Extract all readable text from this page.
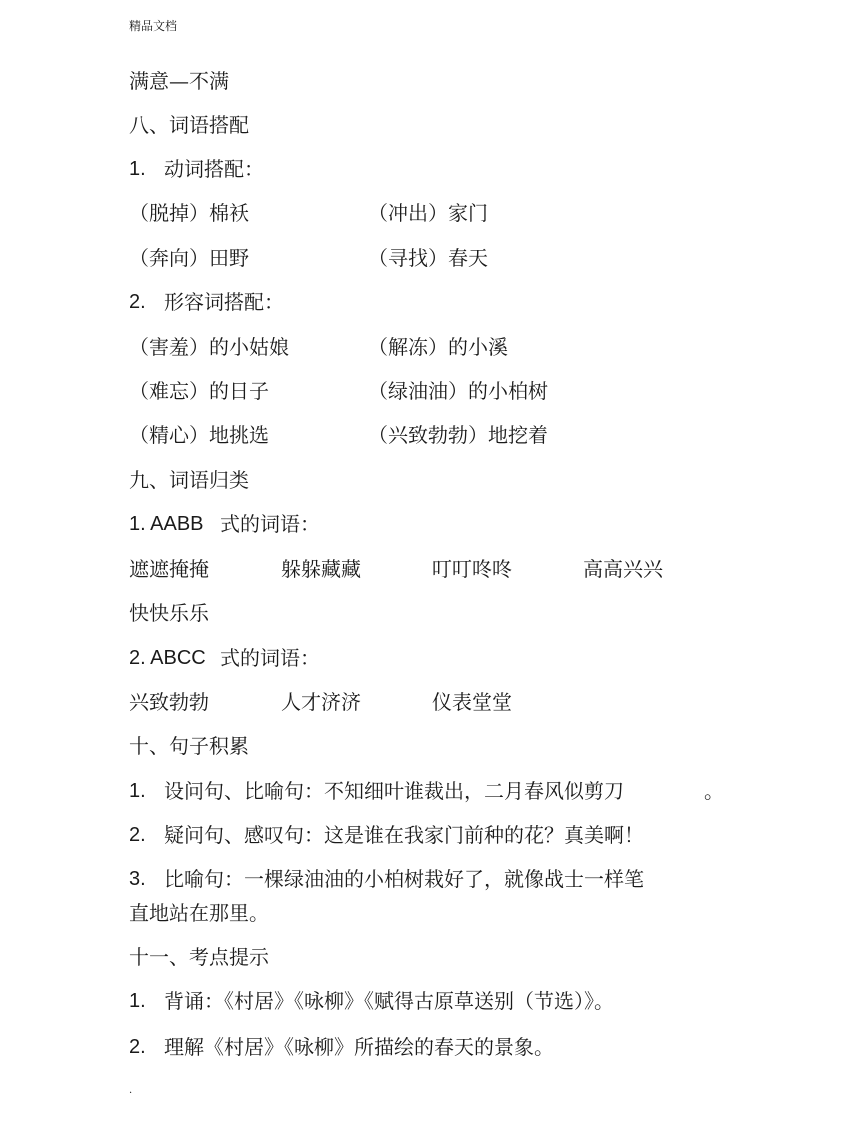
精品文档
满意—不满
八、词语搭配
1. 动词搭配：
（脱掉）棉袄	（冲出）家门
（奔向）田野	（寻找）春天
2. 形容词搭配：
（害羞）的小姑娘	（解冻）的小溪
（难忘）的日子	（绿油油）的小柏树
（精心）地挑选	（兴致勃勃）地挖着
九、词语归类
1. AABB 式的词语：
遮遮掩掩	躲躲藏藏	叮叮咚咚	高高兴兴
快快乐乐
2. ABCC 式的词语：
兴致勃勃	人才济济	仪表堂堂
十、句子积累
1. 设问句、比喻句：不知细叶谁裁出，二月春风似剪刀	。
2. 疑问句、感叹句：这是谁在我家门前种的花？真美啊！
3. 比喻句：一棵绿油油的小柏树栽好了，就像战士一样笔
直地站在那里。
十一、考点提示
1. 背诵：《村居》《咏柳》《赋得古原草送别（节选）》。
2. 理解《村居》《咏柳》所描绘的春天的景象。
.
